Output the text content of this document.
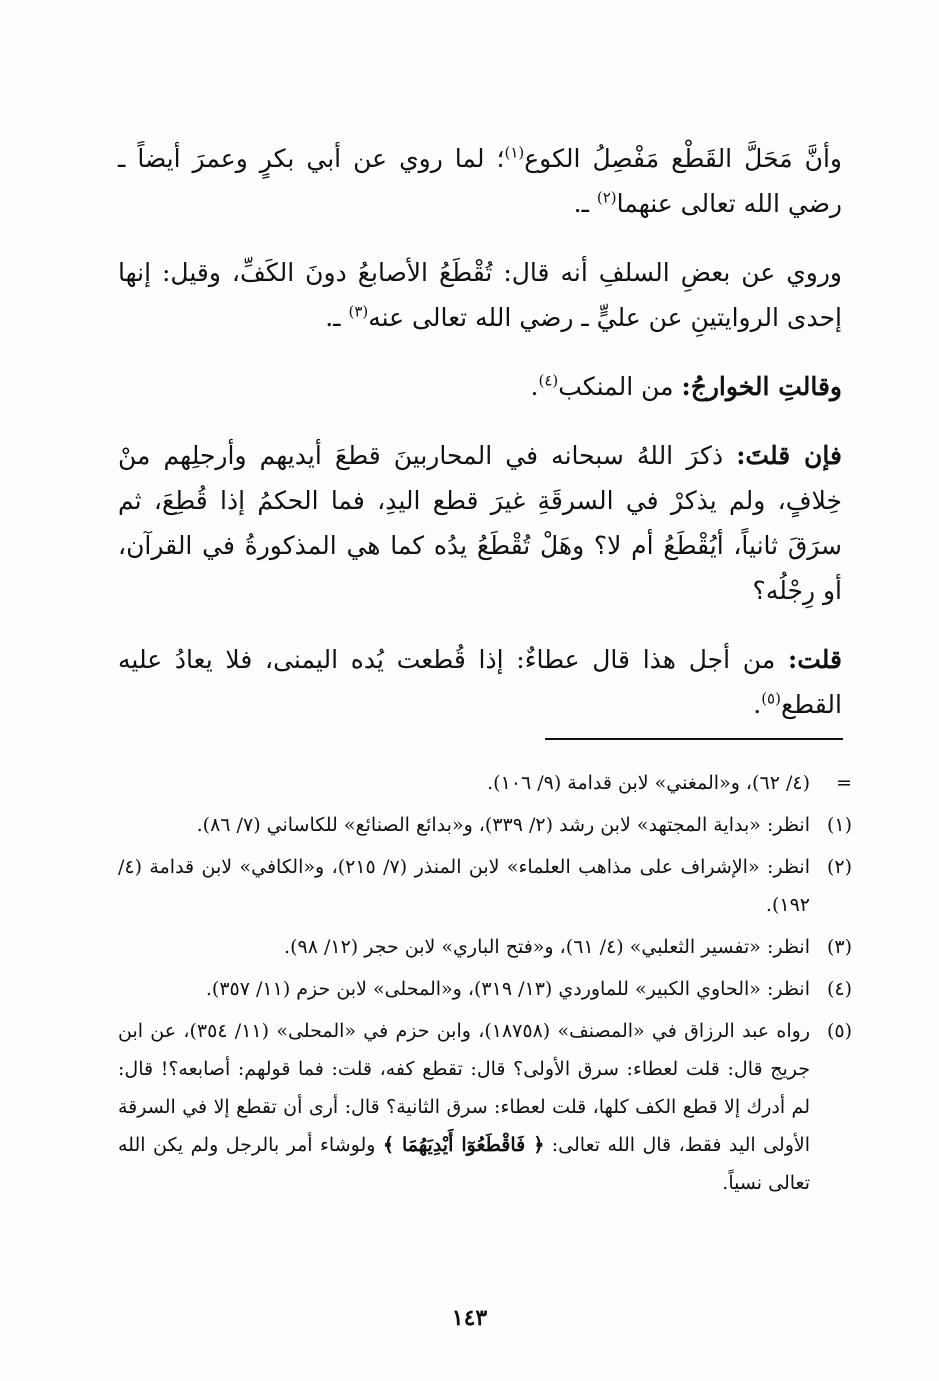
وأنَّ مَحَلَّ القَطْع مَفْصِلُ الكوع$^{(١)}$؛ لما روي عن أبي بكرٍ وعمرَ أيضاً ـ رضي الله تعالى عنهما$^{(٢)}$ ـ.

وروي عن بعضِ السلفِ أنه قال: تُقْطَعُ الأصابعُ دونَ الكَفِّ، وقيل: إنها إحدى الروايتينِ عن عليٍّ ـ رضي الله تعالى عنه$^{(٣)}$ ـ.

وقالتِ الخوارجُ: من المنكب$^{(٤)}$.

فإن قلتَ: ذكرَ اللهُ سبحانه في المحاربينَ قطعَ أيديهم وأرجلِهم منْ خِلافٍ، ولم يذكرْ في السرقَةِ غيرَ قطع اليدِ، فما الحكمُ إذا قُطِعَ، ثم سرَقَ ثانياً، أيُقْطَعُ أم لا؟ وهَلْ تُقْطَعُ يدُه كما هي المذكورةُ في القرآن، أو رِجْلُه؟

قلت: من أجل هذا قال عطاءٌ: إذا قُطعت يُده اليمنى، فلا يعادُ عليه القطع$^{(٥)}$.

=
(٤/ ٦٢)، و«المغني» لابن قدامة (٩/ ١٠٦).
(١)
انظر: «بداية المجتهد» لابن رشد (٢/ ٣٣٩)، و«بدائع الصنائع» للكاساني (٧/ ٨٦).
(٢)
انظر: «الإشراف على مذاهب العلماء» لابن المنذر (٧/ ٢١٥)، و«الكافي» لابن قدامة (٤/ ١٩٢).
(٣)
انظر: «تفسير الثعلبي» (٤/ ٦١)، و«فتح الباري» لابن حجر (١٢/ ٩٨).
(٤)
انظر: «الحاوي الكبير» للماوردي (١٣/ ٣١٩)، و«المحلى» لابن حزم (١١/ ٣٥٧).
(٥)
رواه عبد الرزاق في «المصنف» (١٨٧٥٨)، وابن حزم في «المحلى» (١١/ ٣٥٤)، عن ابن جريج قال: قلت لعطاء: سرق الأولى؟ قال: تقطع كفه، قلت: فما قولهم: أصابعه؟! قال: لم أدرك إلا قطع الكف كلها، قلت لعطاء: سرق الثانية؟ قال: أرى أن تقطع إلا في السرقة الأولى اليد فقط، قال الله تعالى: ﴿ فَاقْطَعُوٓا أَيْدِيَهُمَا ﴾ ولوشاء أمر بالرجل ولم يكن الله تعالى نسياً.
١٤٣
